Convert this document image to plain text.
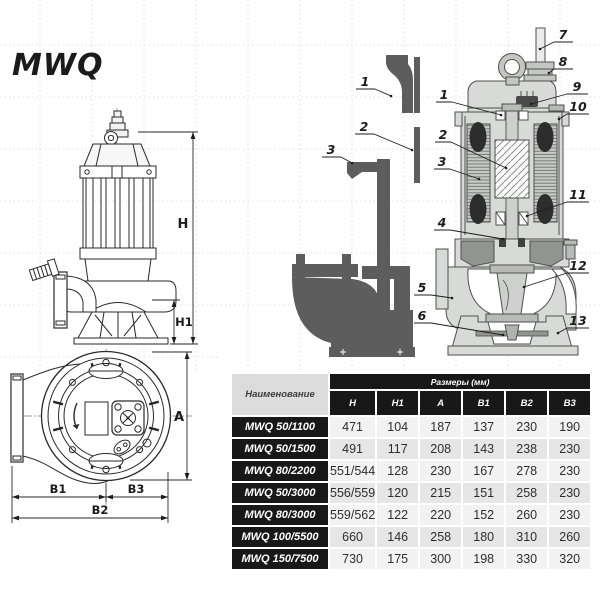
H
H1
A
B1	B3
B2
1
2
3
1
2
3
4
5
6
7
8
9
10
11
12
13
MWQ
Наименование	Размеры (мм)					
	H	H1	A	B1	B2	B3
MWQ 50/1100	471	104	187	137	230	190
MWQ 50/1500	491	117	208	143	238	230
MWQ 80/2200	551/544	128	230	167	278	230
MWQ 50/3000	556/559	120	215	151	258	230
MWQ 80/3000	559/562	122	220	152	260	230
MWQ 100/5500	660	146	258	180	310	260
MWQ 150/7500	730	175	300	198	330	320
